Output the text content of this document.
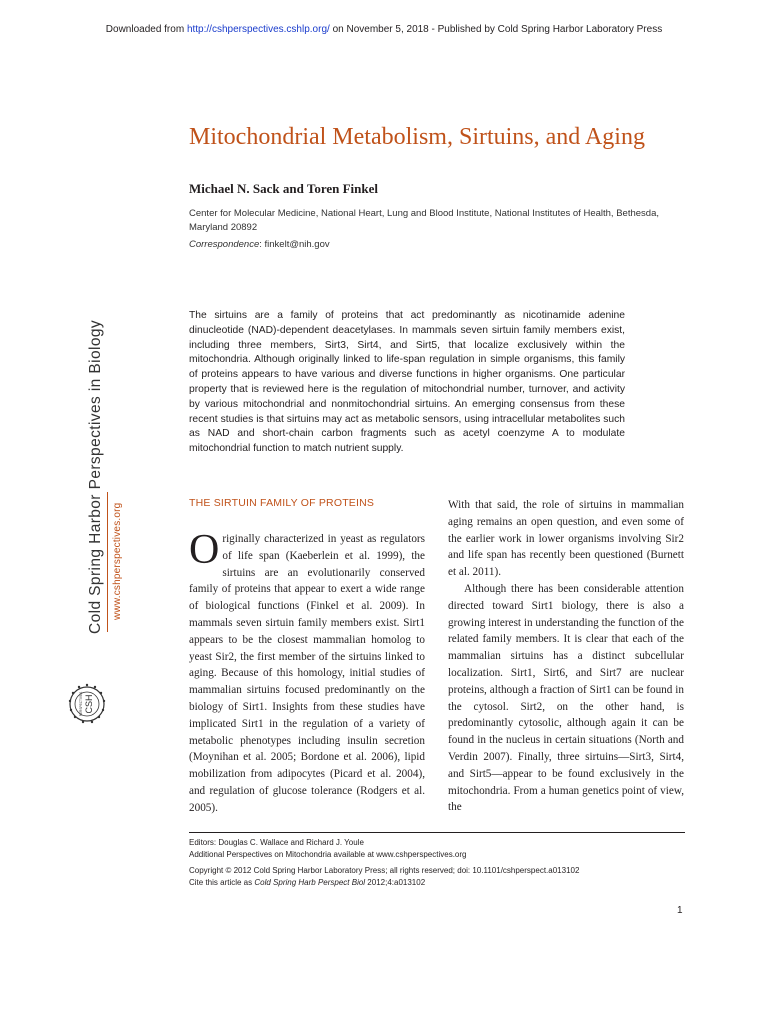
Downloaded from http://cshperspectives.cshlp.org/ on November 5, 2018 - Published by Cold Spring Harbor Laboratory Press
Cold Spring Harbor Perspectives in Biology www.cshperspectives.org
CSH
PERSPECTIVES
Mitochondrial Metabolism, Sirtuins, and Aging
Michael N. Sack and Toren Finkel
Center for Molecular Medicine, National Heart, Lung and Blood Institute, National Institutes of Health, Bethesda, Maryland 20892
Correspondence: finkelt@nih.gov
The sirtuins are a family of proteins that act predominantly as nicotinamide adenine dinucleotide (NAD)-dependent deacetylases. In mammals seven sirtuin family members exist, including three members, Sirt3, Sirt4, and Sirt5, that localize exclusively within the mitochondria. Although originally linked to life-span regulation in simple organisms, this family of proteins appears to have various and diverse functions in higher organisms. One particular property that is reviewed here is the regulation of mitochondrial number, turnover, and activity by various mitochondrial and nonmitochondrial sirtuins. An emerging consensus from these recent studies is that sirtuins may act as metabolic sensors, using intracellular metabolites such as NAD and short-chain carbon fragments such as acetyl coenzyme A to modulate mitochondrial function to match nutrient supply.
THE SIRTUIN FAMILY OF PROTEINS

Originally characterized in yeast as regulators of life span (Kaeberlein et al. 1999), the sirtuins are an evolutionarily conserved family of proteins that appear to exert a wide range of biological functions (Finkel et al. 2009). In mammals seven sirtuin family members exist. Sirt1 appears to be the closest mammalian homolog to yeast Sir2, the first member of the sirtuins linked to aging. Because of this homology, initial studies of mammalian sirtuins focused predominantly on the biology of Sirt1. Insights from these studies have implicated Sirt1 in the regulation of a variety of metabolic phenotypes including insulin secretion (Moynihan et al. 2005; Bordone et al. 2006), lipid mobilization from adipocytes (Picard et al. 2004), and regulation of glucose tolerance (Rodgers et al. 2005).

With that said, the role of sirtuins in mammalian aging remains an open question, and even some of the earlier work in lower organisms involving Sir2 and life span has recently been questioned (Burnett et al. 2011).

Although there has been considerable attention directed toward Sirt1 biology, there is also a growing interest in understanding the function of the related family members. It is clear that each of the mammalian sirtuins has a distinct subcellular localization. Sirt1, Sirt6, and Sirt7 are nuclear proteins, although a fraction of Sirt1 can be found in the cytosol. Sirt2, on the other hand, is predominantly cytosolic, although again it can be found in the nucleus in certain situations (North and Verdin 2007). Finally, three sirtuins—Sirt3, Sirt4, and Sirt5—appear to be found exclusively in the mitochondria. From a human genetics point of view, the

Editors: Douglas C. Wallace and Richard J. Youle
Additional Perspectives on Mitochondria available at www.cshperspectives.org
Copyright © 2012 Cold Spring Harbor Laboratory Press; all rights reserved; doi: 10.1101/cshperspect.a013102
Cite this article as Cold Spring Harb Perspect Biol 2012;4:a013102
1
